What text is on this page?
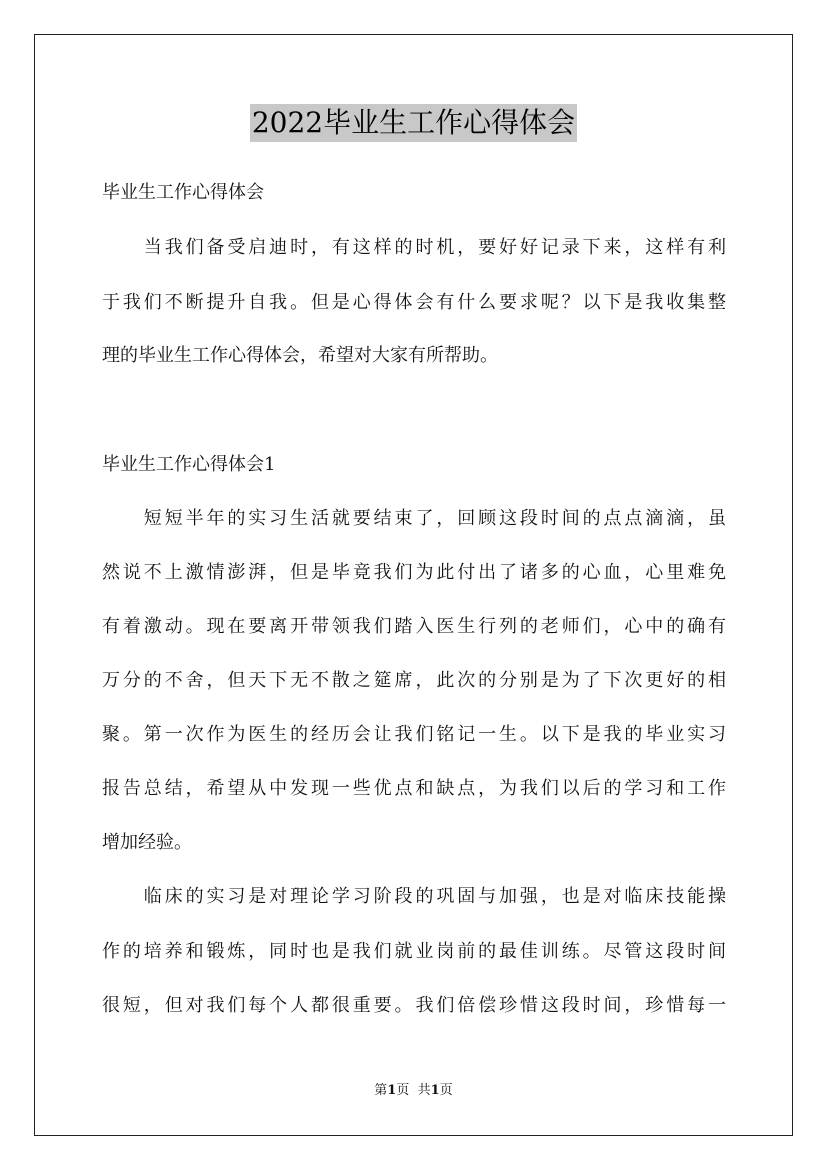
2022毕业生工作心得体会
毕业生工作心得体会
　　当我们备受启迪时，有这样的时机，要好好记录下来，这样有利
于我们不断提升自我。但是心得体会有什么要求呢？以下是我收集整
理的毕业生工作心得体会，希望对大家有所帮助。
毕业生工作心得体会1
　　短短半年的实习生活就要结束了，回顾这段时间的点点滴滴，虽
然说不上激情澎湃，但是毕竟我们为此付出了诸多的心血，心里难免
有着激动。现在要离开带领我们踏入医生行列的老师们，心中的确有
万分的不舍，但天下无不散之筵席，此次的分别是为了下次更好的相
聚。第一次作为医生的经历会让我们铭记一生。以下是我的毕业实习
报告总结，希望从中发现一些优点和缺点，为我们以后的学习和工作
增加经验。
　　临床的实习是对理论学习阶段的巩固与加强，也是对临床技能操
作的培养和锻炼，同时也是我们就业岗前的最佳训练。尽管这段时间
很短，但对我们每个人都很重要。我们倍偿珍惜这段时间，珍惜每一
第1页 共1页
